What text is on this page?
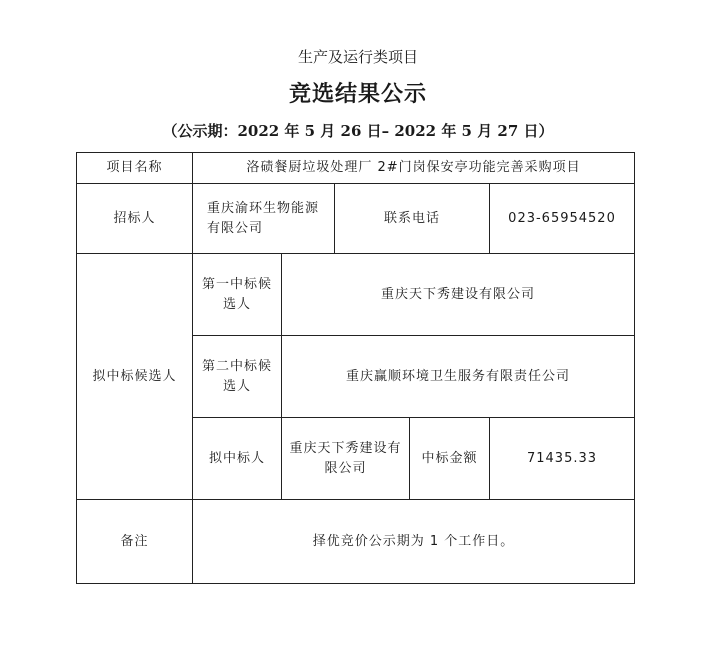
生产及运行类项目
竞选结果公示
（公示期：2022 年 5 月 26 日– 2022 年 5 月 27 日）
项目名称	洛碛餐厨垃圾处理厂 2#门岗保安亭功能完善采购项目				
招标人	重庆渝环生物能源有限公司		联系电话		023-65954520
拟中标候选人	第一中标候选人	重庆天下秀建设有限公司			
	第二中标候选人	重庆赢顺环境卫生服务有限责任公司			
	拟中标人	重庆天下秀建设有限公司		中标金额	71435.33
备注	择优竞价公示期为 1 个工作日。				
